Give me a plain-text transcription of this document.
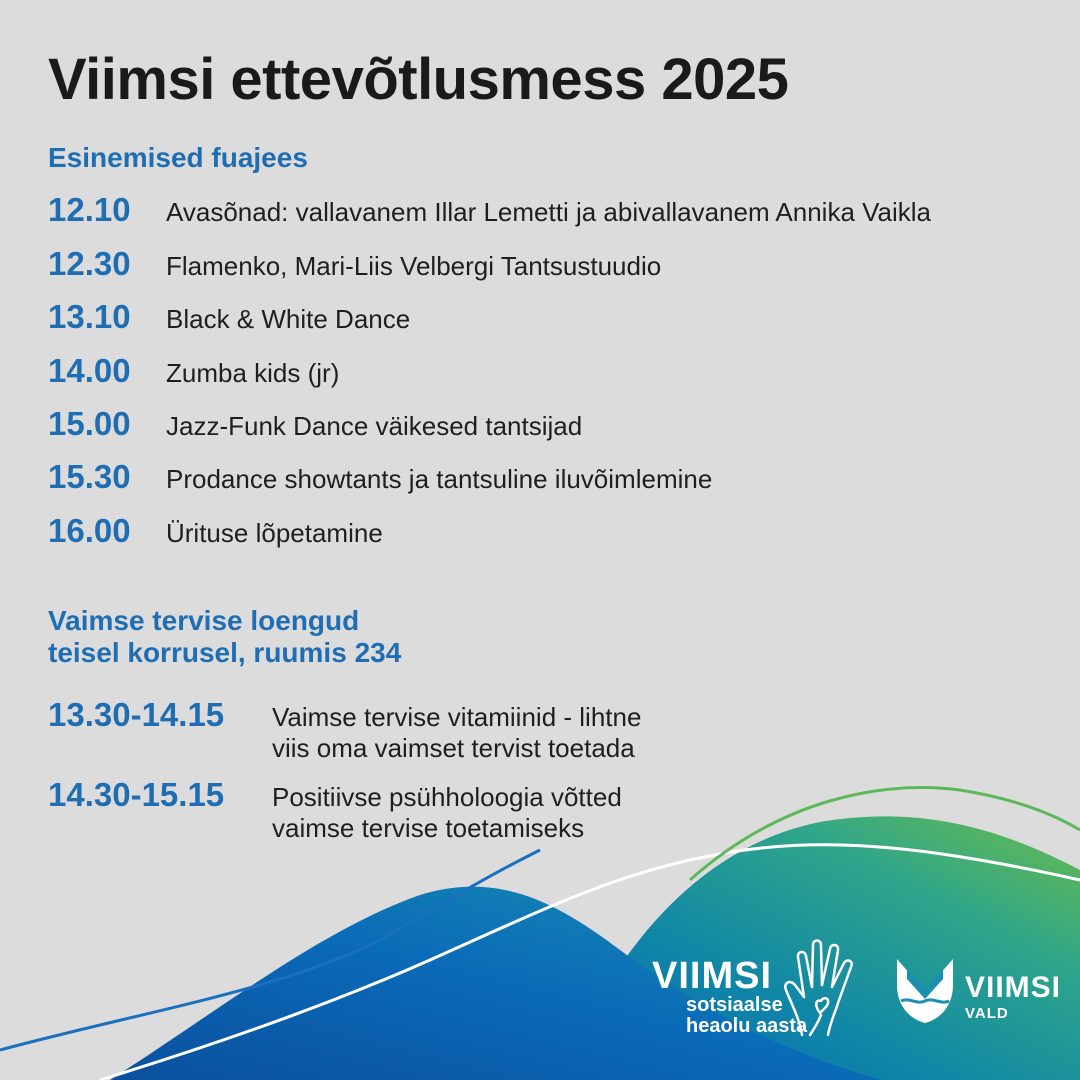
Viimsi ettevõtlusmess 2025
Esinemised fuajees
12.10	Avasõnad: vallavanem Illar Lemetti ja abivallavanem Annika Vaikla
12.30	Flamenko, Mari-Liis Velbergi Tantsustuudio
13.10	Black & White Dance
14.00	Zumba kids (jr)
15.00	Jazz-Funk Dance väikesed tantsijad
15.30	Prodance showtants ja tantsuline iluvõimlemine
16.00	Ürituse lõpetamine
Vaimse tervise loengud
teisel korrusel, ruumis 234
13.30-14.15	Vaimse tervise vitamiinid - lihtne
viis oma vaimset tervist toetada
14.30-15.15	Positiivse psühholoogia võtted
vaimse tervise toetamiseks
VIIMSI
sotsiaalse
heaolu aasta
VIIMSI
VALD
